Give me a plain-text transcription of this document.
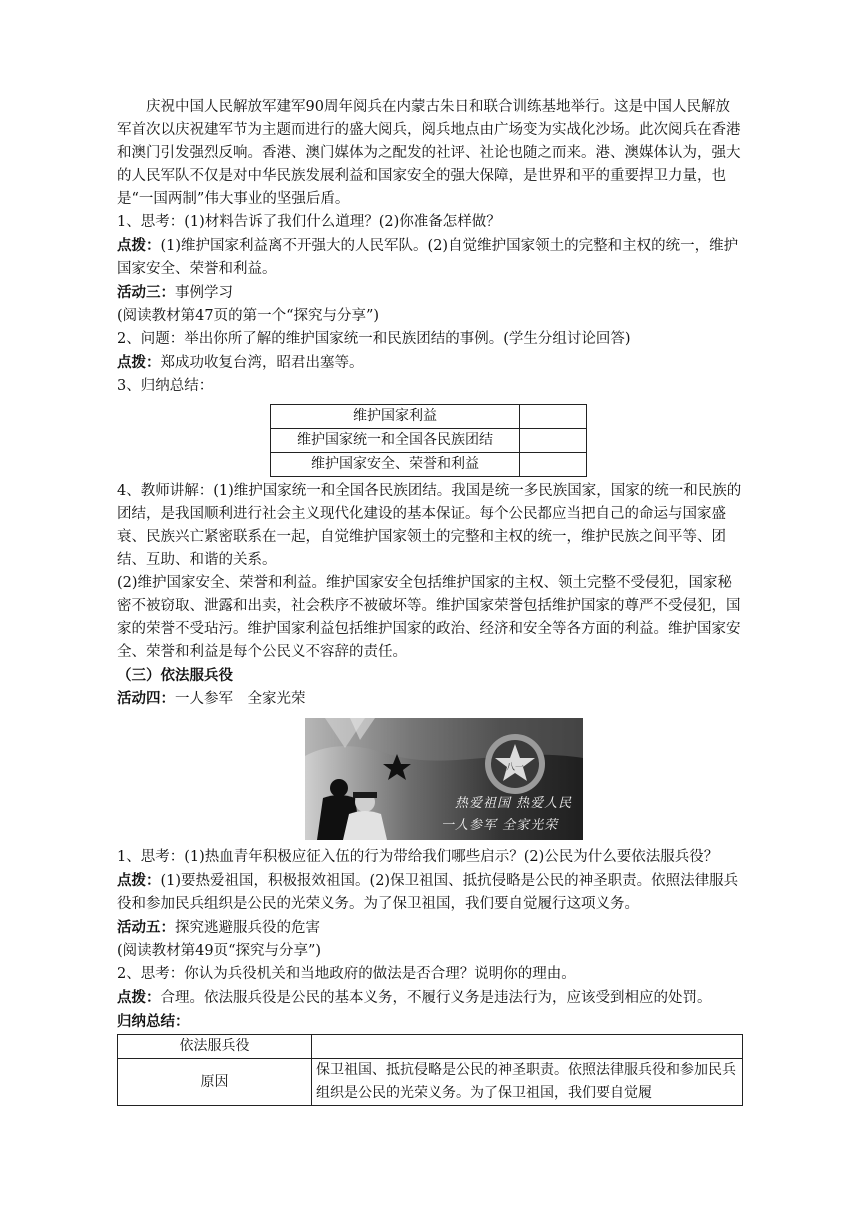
庆祝中国人民解放军建军90周年阅兵在内蒙古朱日和联合训练基地举行。这是中国人民解放军首次以庆祝建军节为主题而进行的盛大阅兵，阅兵地点由广场变为实战化沙场。此次阅兵在香港和澳门引发强烈反响。香港、澳门媒体为之配发的社评、社论也随之而来。港、澳媒体认为，强大的人民军队不仅是对中华民族发展利益和国家安全的强大保障，是世界和平的重要捍卫力量，也是“一国两制”伟大事业的坚强后盾。

1、思考：(1)材料告诉了我们什么道理？(2)你准备怎样做？

点拨：(1)维护国家利益离不开强大的人民军队。(2)自觉维护国家领土的完整和主权的统一，维护国家安全、荣誉和利益。

活动三：事例学习

(阅读教材第47页的第一个“探究与分享”)

2、问题：举出你所了解的维护国家统一和民族团结的事例。(学生分组讨论回答)

点拨：郑成功收复台湾，昭君出塞等。

3、归纳总结：

维护国家利益	
维护国家统一和全国各民族团结	
维护国家安全、荣誉和利益	

4、教师讲解：(1)维护国家统一和全国各民族团结。我国是统一多民族国家，国家的统一和民族的团结，是我国顺利进行社会主义现代化建设的基本保证。每个公民都应当把自己的命运与国家盛衰、民族兴亡紧密联系在一起，自觉维护国家领土的完整和主权的统一，维护民族之间平等、团结、互助、和谐的关系。

(2)维护国家安全、荣誉和利益。维护国家安全包括维护国家的主权、领土完整不受侵犯，国家秘密不被窃取、泄露和出卖，社会秩序不被破坏等。维护国家荣誉包括维护国家的尊严不受侵犯，国家的荣誉不受玷污。维护国家利益包括维护国家的政治、经济和安全等各方面的利益。维护国家安全、荣誉和利益是每个公民义不容辞的责任。

（三）依法服兵役

活动四：一人参军　全家光荣

八一
热爱祖国 热爱人民
一人参军 全家光荣

1、思考：(1)热血青年积极应征入伍的行为带给我们哪些启示？(2)公民为什么要依法服兵役？

点拨：(1)要热爱祖国，积极报效祖国。(2)保卫祖国、抵抗侵略是公民的神圣职责。依照法律服兵役和参加民兵组织是公民的光荣义务。为了保卫祖国，我们要自觉履行这项义务。

活动五：探究逃避服兵役的危害

(阅读教材第49页“探究与分享”)

2、思考：你认为兵役机关和当地政府的做法是否合理？说明你的理由。

点拨：合理。依法服兵役是公民的基本义务，不履行义务是违法行为，应该受到相应的处罚。

归纳总结：

依法服兵役	
原因	保卫祖国、抵抗侵略是公民的神圣职责。依照法律服兵役和参加民兵组织是公民的光荣义务。为了保卫祖国，我们要自觉履
